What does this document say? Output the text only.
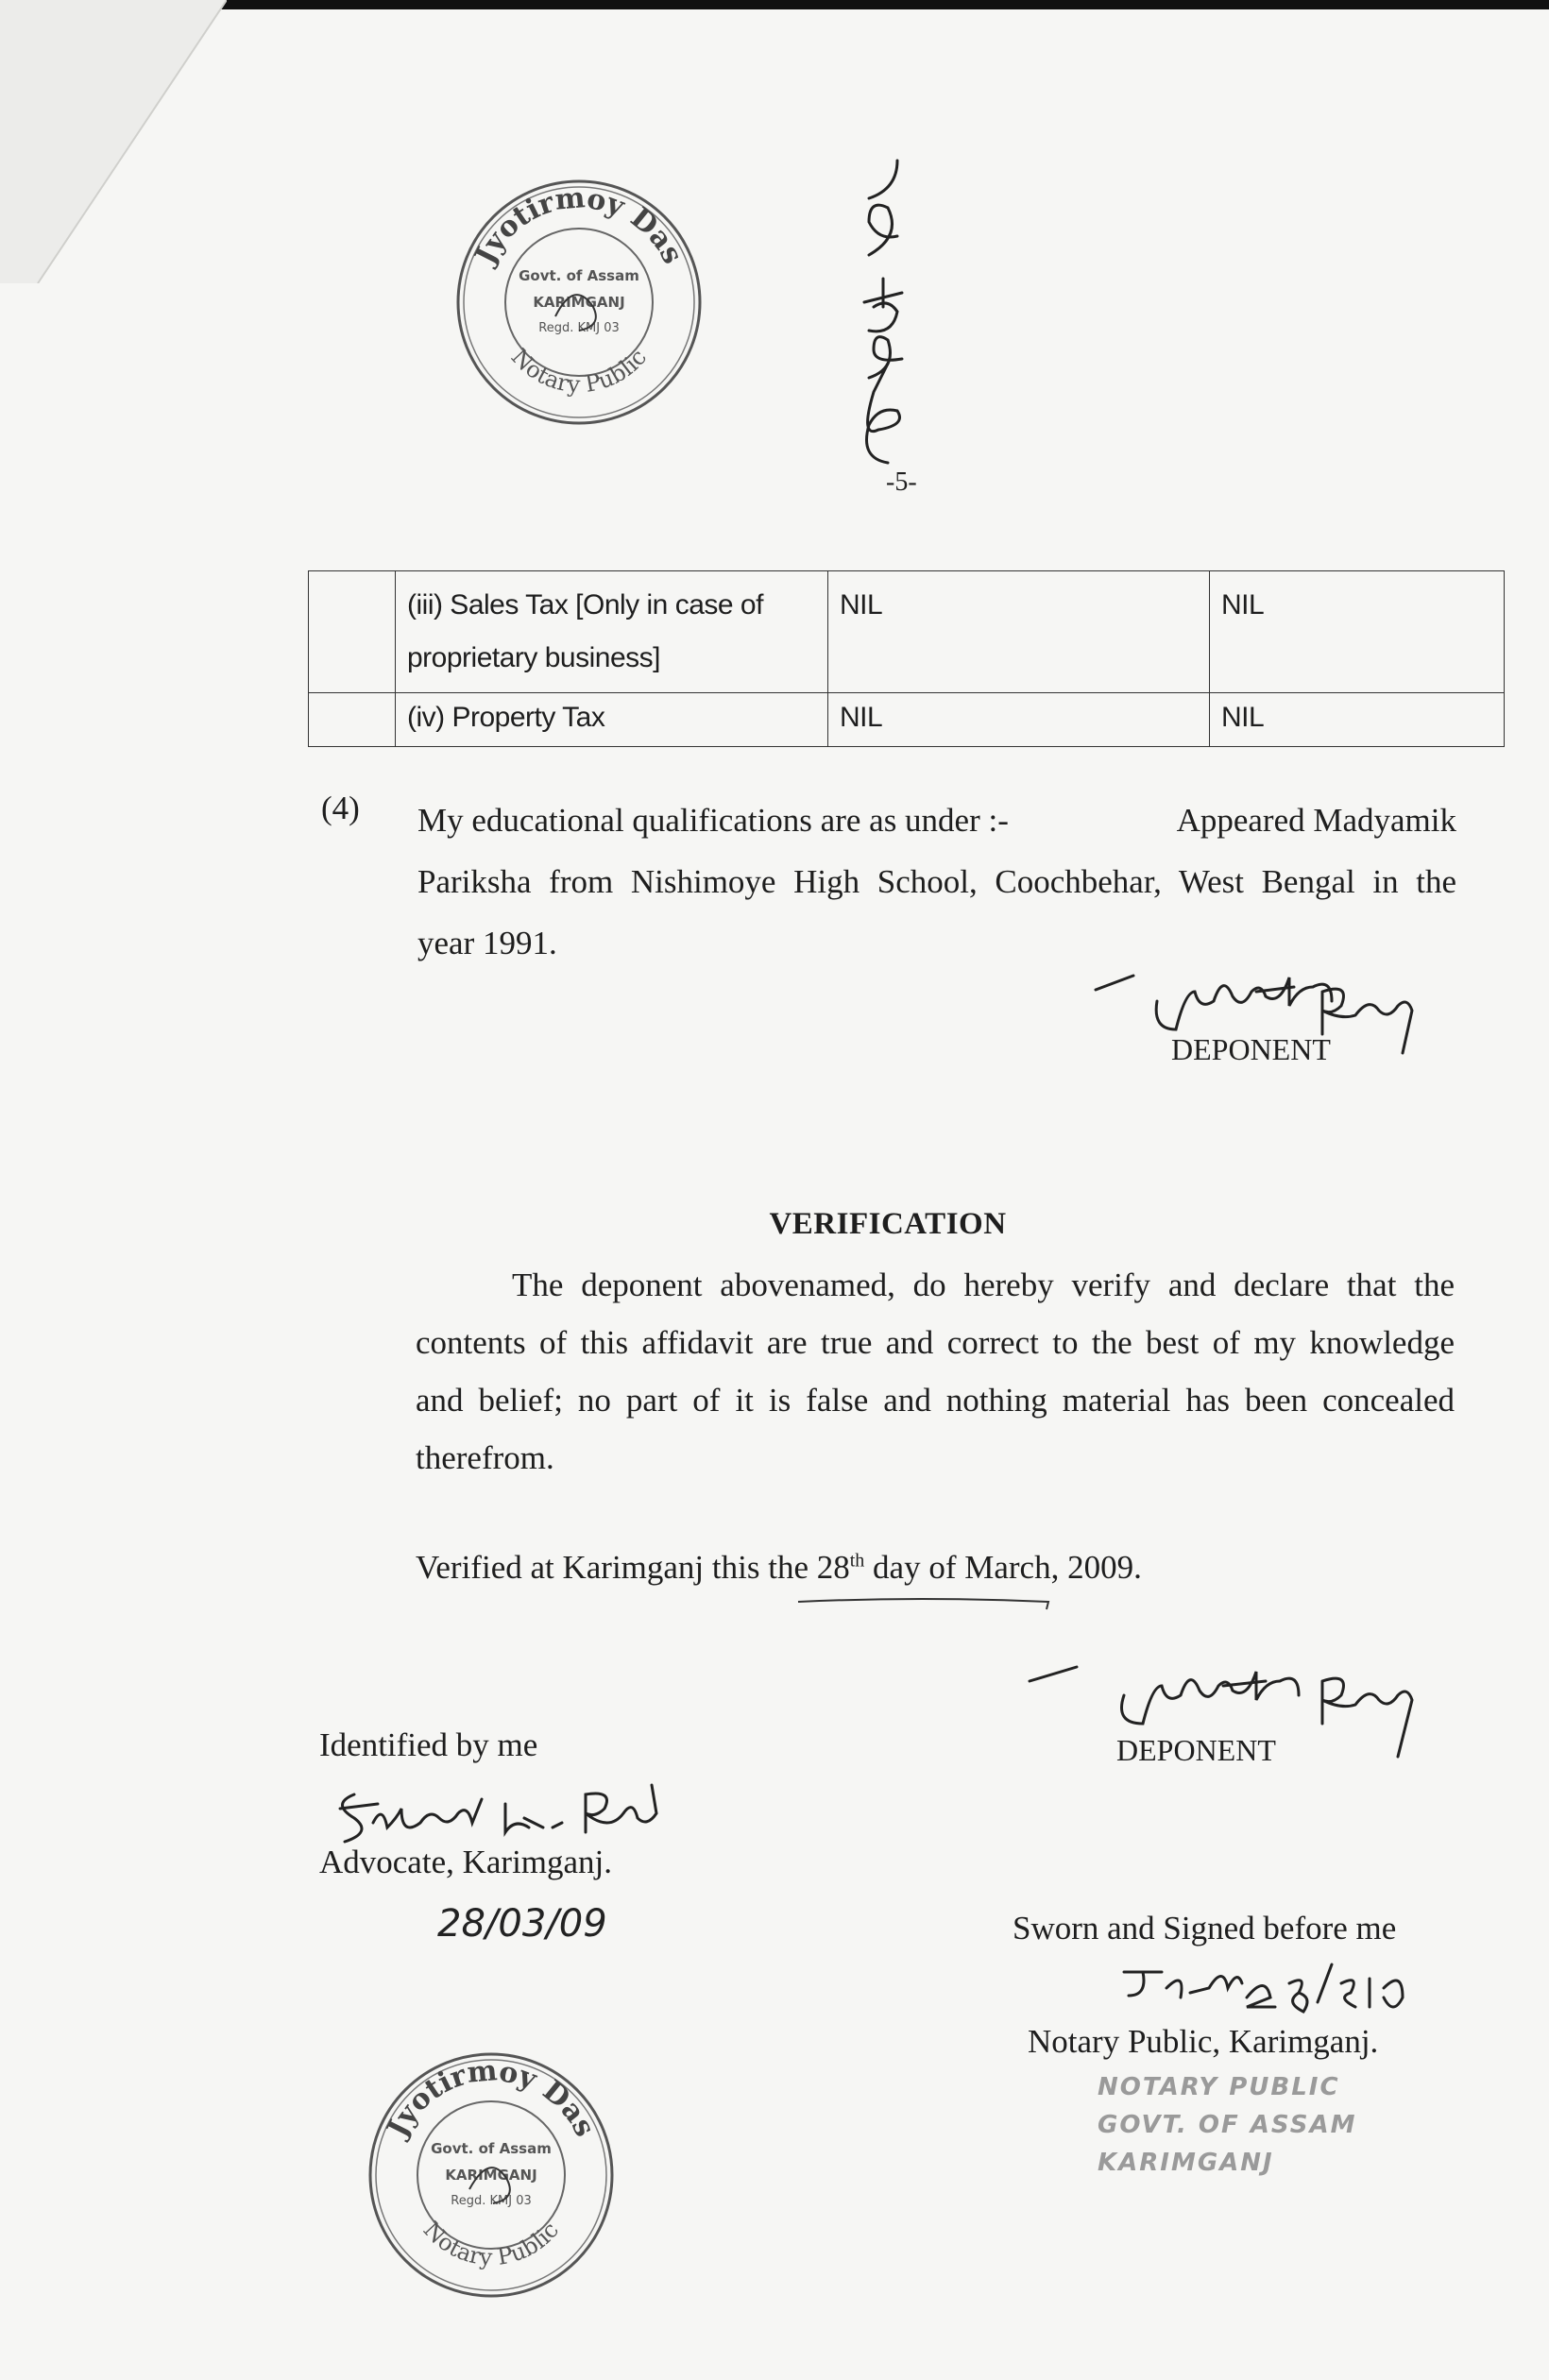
Jyotirmoy Das
Notary Public
Govt. of Assam
KARIMGANJ
Regd. KMJ 03
-5-
	(iii) Sales Tax [Only in case of proprietary business]	NIL	NIL
	(iv) Property Tax	NIL	NIL
(4) My educational qualifications are as under :-	Appeared Madyamik

Pariksha from Nishimoye High School, Coochbehar, West Bengal in the

year 1991.

DEPONENT
VERIFICATION
The deponent abovenamed, do hereby verify and declare that the
contents of this affidavit are true and correct to the best of my knowledge
and belief; no part of it is false and nothing material has been concealed
therefrom.
Verified at Karimganj this the 28th day of March, 2009.
DEPONENT
Identified by me
Advocate, Karimganj.
28/03/09	Sworn and Signed before me
Notary Public, Karimganj.
NOTARY PUBLIC
GOVT. OF ASSAM
KARIMGANJ
Jyotirmoy Das
Notary Public
Govt. of Assam
KARIMGANJ
Regd. KMJ 03
